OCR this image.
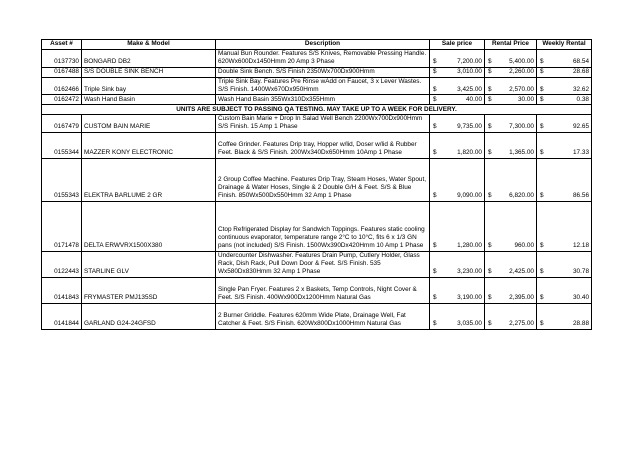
Asset #	Make & Model	Description	Sale price	Rental Price	Weekly Rental
0137730	BONGARD DB2	Manual Bun Rounder. Features S/S Knives, Removable Pressing Handle. 620Wx600Dx1450Hmm 20 Amp 3 Phase	$ 7,200.00	$ 5,400.00	$ 68.54

0167488	S/S DOUBLE SINK BENCH	Double Sink Bench. S/S Finish 2350Wx700Dx900Hmm	$ 3,010.00	$ 2,260.00	$ 28.68

0162466	Triple Sink bay	Triple Sink Bay. Features Pre Rinse wAdd on Faucet, 3 x Lever Wastes. S/S Finish. 1400Wx670Dx950Hmm	$ 3,425.00	$ 2,570.00	$ 32.62

0162472	Wash Hand Basin	Wash Hand Basin 355Wx310Dx355Hmm	$ 40.00	$ 30.00	$ 0.38

UNITS ARE SUBJECT TO PASSING QA TESTING. MAY TAKE UP TO A WEEK FOR DELIVERY.					
0167479	CUSTOM BAIN MARIE	Custom Bain Marie + Drop In Salad Well Bench 2200Wx700Dx900Hmm S/S Finish. 15 Amp 1 Phase	$ 9,735.00	$ 7,300.00	$ 92.65

0155344	MAZZER KONY ELECTRONIC	Coffee Grinder. Features Drip tray, Hopper w/lid, Doser w/lid & Rubber Feet. Black & S/S Finish. 200Wx340Dx650Hmm 10Amp 1 Phase	$ 1,820.00	$ 1,365.00	$ 17.33

0155343	ELEKTRA BARLUME 2 GR	2 Group Coffee Machine. Features Drip Tray, Steam Hoses, Water Spout, Drainage & Water Hoses, Single & 2 Double G/H & Feet. S/S & Blue Finish. 850Wx500Dx550Hmm 32 Amp 1 Phase	$ 9,090.00	$ 6,820.00	$ 86.56

0171478	DELTA ERWVRX1500X380	Ctop Refrigerated Display for Sandwich Toppings. Features static cooling continuous evaporator, temperature range 2°C to 10°C, fits 6 x 1/3 GN pans (not included) S/S Finish. 1500Wx390Dx420Hmm 10 Amp 1 Phase	$ 1,280.00	$ 960.00	$ 12.18

0122443	STARLINE GLV	Undercounter Dishwasher. Features Drain Pump, Cutlery Holder, Glass Rack, Dish Rack, Pull Down Door & Feet. S/S Finish. 535 Wx580Dx830Hmm 32 Amp 1 Phase	$ 3,230.00	$ 2,425.00	$ 30.78

0141843	FRYMASTER PMJ135SD	Single Pan Fryer. Features 2 x Baskets, Temp Controls, Night Cover & Feet. S/S Finish. 400Wx900Dx1200Hmm Natural Gas	$ 3,190.00	$ 2,395.00	$ 30.40

0141844	GARLAND G24-24GFSD	2 Burner Griddle. Features 620mm Wide Plate, Drainage Well, Fat Catcher & Feet. S/S Finish. 620Wx800Dx1000Hmm Natural Gas	$ 3,035.00	$ 2,275.00	$ 28.88
